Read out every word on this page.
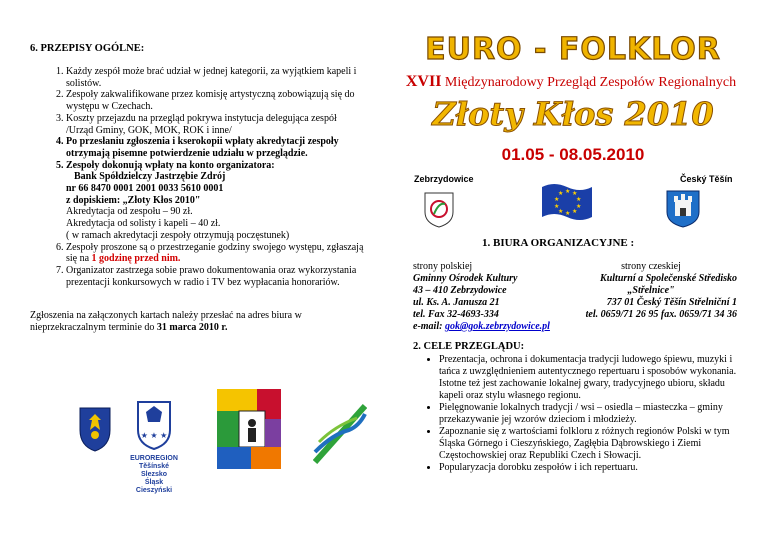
6. PRZEPISY OGÓLNE:
1. Każdy zespół może brać udział w jednej kategorii, za wyjątkiem kapeli i solistów.
2. Zespoły zakwalifikowane przez komisję artystyczną zobowiązują się do występu w Czechach.
3. Koszty przejazdu na przegląd pokrywa instytucja delegująca zespół /Urząd Gminy, GOK, MOK, ROK i inne/
4. Po przesłaniu zgłoszenia i kserokopii wpłaty akredytacji zespoły otrzymają pisemne potwierdzenie udziału w przeglądzie.
5. Zespoły dokonują wpłaty na konto organizatora:
Bank Spółdzielczy Jastrzębie Zdrój
nr 66 8470 0001 2001 0033 5610 0001
z dopiskiem: „Złoty Kłos 2010"
Akredytacja od zespołu – 90 zł.
Akredytacja od solisty i kapeli – 40 zł.
( w ramach akredytacji zespoły otrzymują poczęstunek)
6. Zespoły proszone są o przestrzeganie godziny swojego występu, zgłaszają się na 1 godzinę przed nim.
7. Organizator zastrzega sobie prawo dokumentowania oraz wykorzystania prezentacji konkursowych w radio i TV bez wypłacania honorariów.
Zgłoszenia na załączonych kartach należy przesłać na adres biura w nieprzekraczalnym terminie do 31 marca 2010 r.
★ ★ ★
EUROREGION
Těšínské Slezsko
Śląsk Cieszyński
EURO - FOLKLOR
XVII Międzynarodowy Przegląd Zespołów Regionalnych
Złoty Kłos 2010
01.05 - 08.05.2010
Zebrzydowice	Český Těšín
★ ★
★
★
★
★
★
★
★
★
1. BIURA ORGANIZACYJNE :
strony polskiej
Gminny Ośrodek Kultury
43 – 410 Zebrzydowice
ul. Ks. A. Janusza 21
tel. Fax 32-4693-334
e-mail: gok@gok.zebrzydowice.pl
strony czeskiej
Kulturní a Společenské Středisko
„Střelnice"
737 01 Český Těšín Střelniční 1
tel. 0659/71 26 95 fax. 0659/71 34 36
2. CELE PRZEGLĄDU:
• Prezentacja, ochrona i dokumentacja tradycji ludowego śpiewu, muzyki i tańca z uwzględnieniem autentycznego repertuaru i sposobów wykonania. Istotne też jest zachowanie lokalnej gwary, tradycyjnego ubioru, składu kapeli oraz stylu własnego regionu.
• Pielęgnowanie lokalnych tradycji / wsi – osiedla – miasteczka – gminy przekazywanie jej wzorów dzieciom i młodzieży.
• Zapoznanie się z wartościami folkloru z różnych regionów Polski w tym Śląska Górnego i Cieszyńskiego, Zagłębia Dąbrowskiego i Ziemi Częstochowskiej oraz Republiki Czech i Słowacji.
• Popularyzacja dorobku zespołów i ich repertuaru.
